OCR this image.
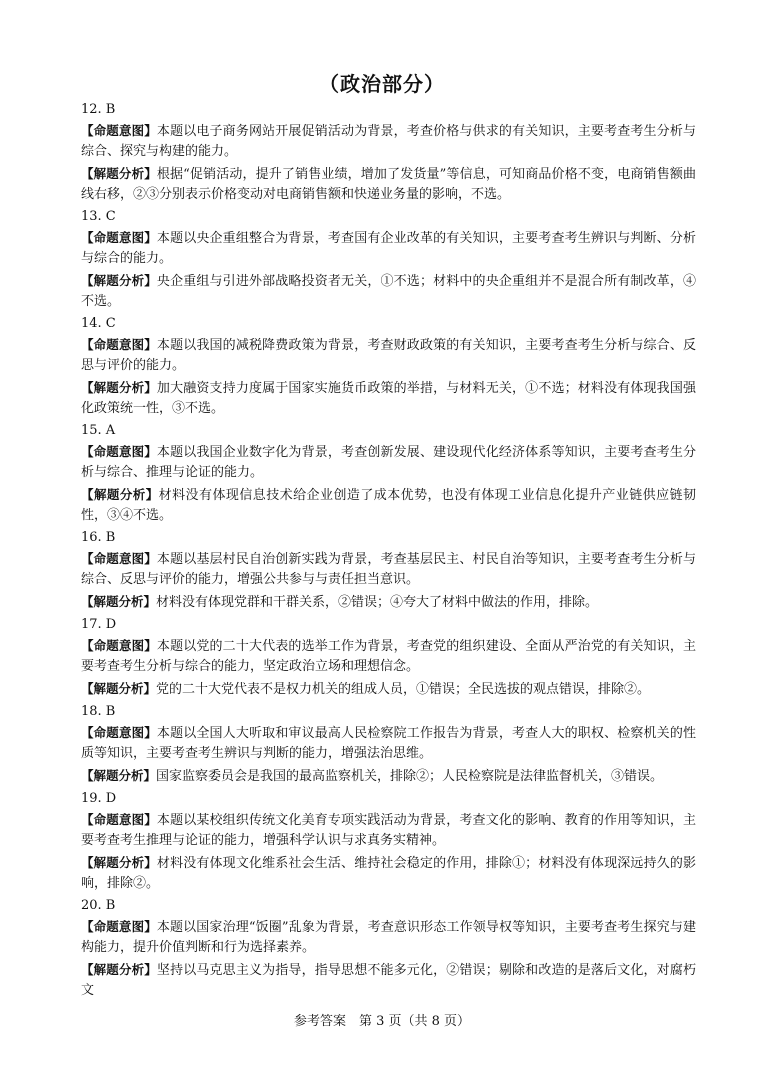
（政治部分）
12. B
【命题意图】本题以电子商务网站开展促销活动为背景，考查价格与供求的有关知识，主要考查考生分析与综合、探究与构建的能力。
【解题分析】根据“促销活动，提升了销售业绩，增加了发货量”等信息，可知商品价格不变，电商销售额曲线右移，②③分别表示价格变动对电商销售额和快递业务量的影响，不选。
13. C
【命题意图】本题以央企重组整合为背景，考查国有企业改革的有关知识，主要考查考生辨识与判断、分析与综合的能力。
【解题分析】央企重组与引进外部战略投资者无关，①不选；材料中的央企重组并不是混合所有制改革，④不选。
14. C
【命题意图】本题以我国的减税降费政策为背景，考查财政政策的有关知识，主要考查考生分析与综合、反思与评价的能力。
【解题分析】加大融资支持力度属于国家实施货币政策的举措，与材料无关，①不选；材料没有体现我国强化政策统一性，③不选。
15. A
【命题意图】本题以我国企业数字化为背景，考查创新发展、建设现代化经济体系等知识，主要考查考生分析与综合、推理与论证的能力。
【解题分析】材料没有体现信息技术给企业创造了成本优势，也没有体现工业信息化提升产业链供应链韧性，③④不选。
16. B
【命题意图】本题以基层村民自治创新实践为背景，考查基层民主、村民自治等知识，主要考查考生分析与综合、反思与评价的能力，增强公共参与与责任担当意识。
【解题分析】材料没有体现党群和干群关系，②错误；④夸大了材料中做法的作用，排除。
17. D
【命题意图】本题以党的二十大代表的选举工作为背景，考查党的组织建设、全面从严治党的有关知识，主要考查考生分析与综合的能力，坚定政治立场和理想信念。
【解题分析】党的二十大党代表不是权力机关的组成人员，①错误；全民选拔的观点错误，排除②。
18. B
【命题意图】本题以全国人大听取和审议最高人民检察院工作报告为背景，考查人大的职权、检察机关的性质等知识，主要考查考生辨识与判断的能力，增强法治思维。
【解题分析】国家监察委员会是我国的最高监察机关，排除②；人民检察院是法律监督机关，③错误。
19. D
【命题意图】本题以某校组织传统文化美育专项实践活动为背景，考查文化的影响、教育的作用等知识，主要考查考生推理与论证的能力，增强科学认识与求真务实精神。
【解题分析】材料没有体现文化维系社会生活、维持社会稳定的作用，排除①；材料没有体现深远持久的影响，排除②。
20. B
【命题意图】本题以国家治理“饭圈”乱象为背景，考查意识形态工作领导权等知识，主要考查考生探究与建构能力，提升价值判断和行为选择素养。
【解题分析】坚持以马克思主义为指导，指导思想不能多元化，②错误；剔除和改造的是落后文化，对腐朽文
参考答案　第 3 页（共 8 页）
